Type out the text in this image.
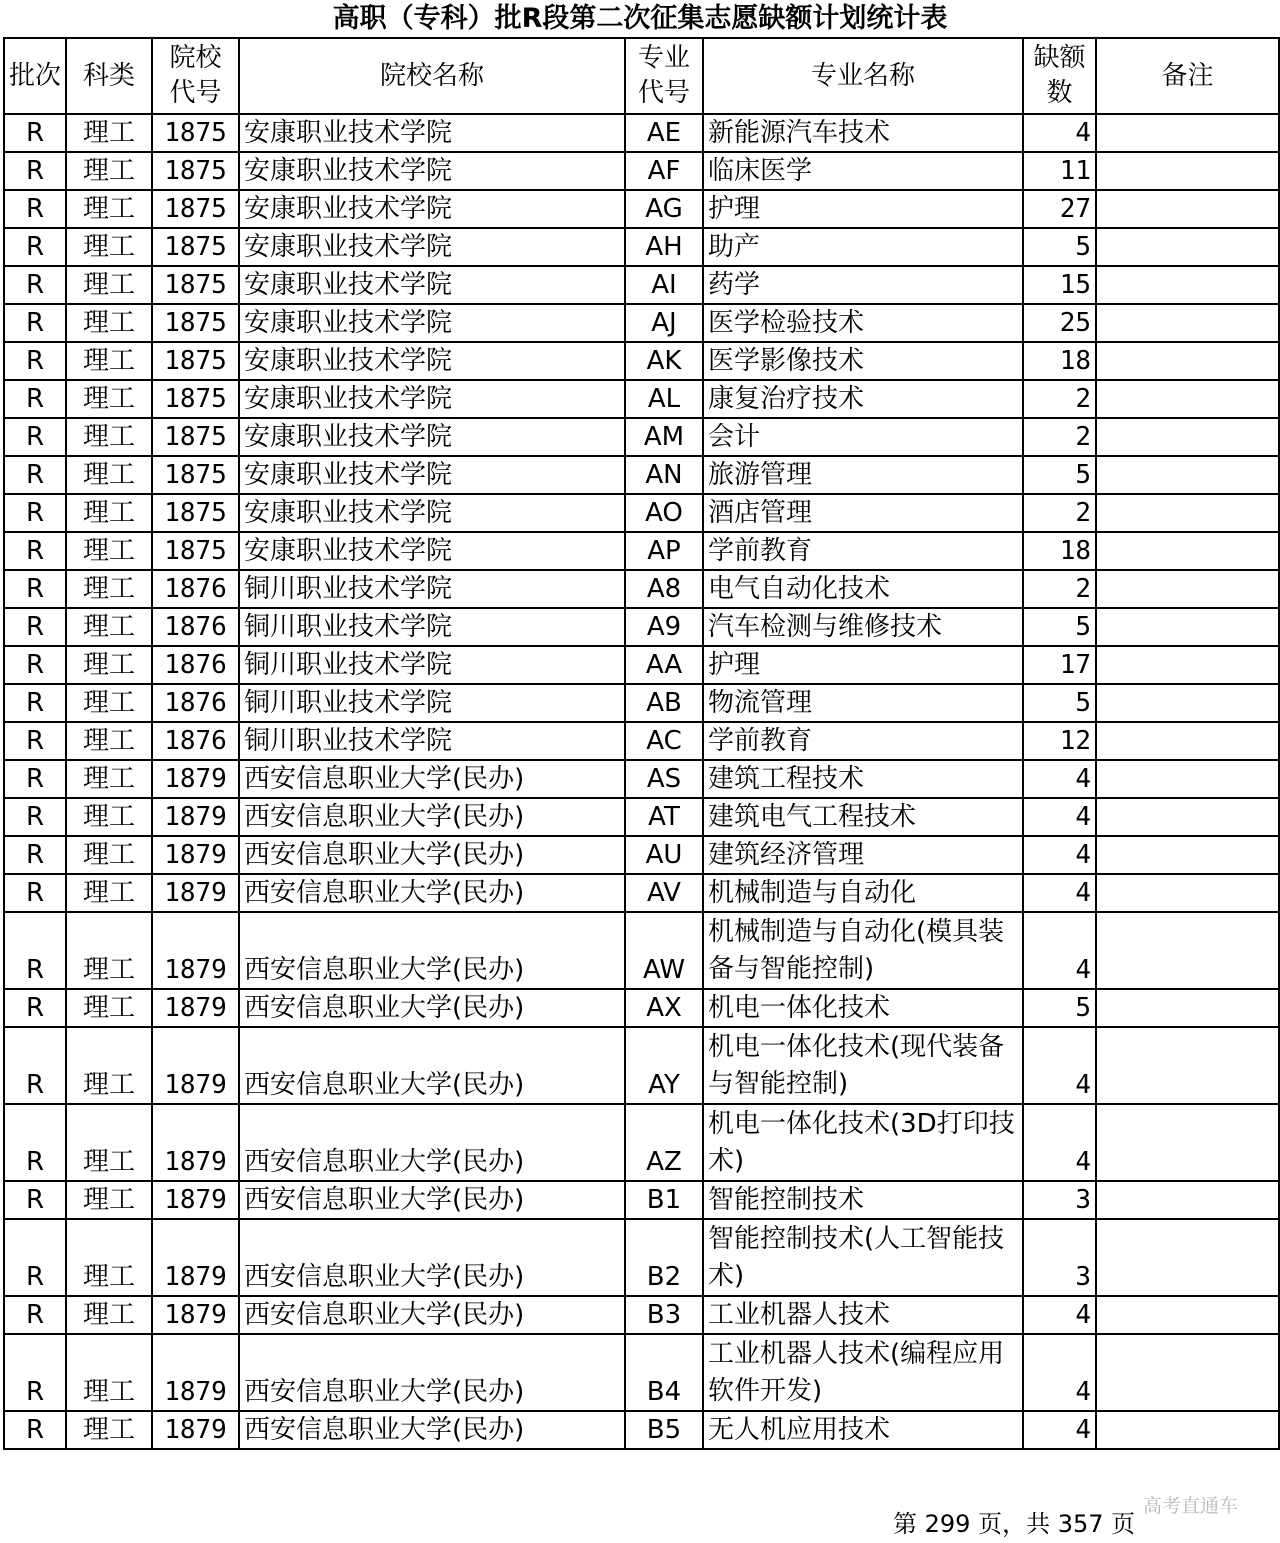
高职（专科）批R段第二次征集志愿缺额计划统计表
批次	科类	院校代号	院校名称	专业代号	专业名称	缺额数	备注
R	理工	1875	安康职业技术学院	AE	新能源汽车技术	4	
R	理工	1875	安康职业技术学院	AF	临床医学	11	
R	理工	1875	安康职业技术学院	AG	护理	27	
R	理工	1875	安康职业技术学院	AH	助产	5	
R	理工	1875	安康职业技术学院	AI	药学	15	
R	理工	1875	安康职业技术学院	AJ	医学检验技术	25	
R	理工	1875	安康职业技术学院	AK	医学影像技术	18	
R	理工	1875	安康职业技术学院	AL	康复治疗技术	2	
R	理工	1875	安康职业技术学院	AM	会计	2	
R	理工	1875	安康职业技术学院	AN	旅游管理	5	
R	理工	1875	安康职业技术学院	AO	酒店管理	2	
R	理工	1875	安康职业技术学院	AP	学前教育	18	
R	理工	1876	铜川职业技术学院	A8	电气自动化技术	2	
R	理工	1876	铜川职业技术学院	A9	汽车检测与维修技术	5	
R	理工	1876	铜川职业技术学院	AA	护理	17	
R	理工	1876	铜川职业技术学院	AB	物流管理	5	
R	理工	1876	铜川职业技术学院	AC	学前教育	12	
R	理工	1879	西安信息职业大学(民办)	AS	建筑工程技术	4	
R	理工	1879	西安信息职业大学(民办)	AT	建筑电气工程技术	4	
R	理工	1879	西安信息职业大学(民办)	AU	建筑经济管理	4	
R	理工	1879	西安信息职业大学(民办)	AV	机械制造与自动化	4	
R	理工	1879	西安信息职业大学(民办)	AW	机械制造与自动化(模具装备与智能控制)	4	
R	理工	1879	西安信息职业大学(民办)	AX	机电一体化技术	5	
R	理工	1879	西安信息职业大学(民办)	AY	机电一体化技术(现代装备与智能控制)	4	
R	理工	1879	西安信息职业大学(民办)	AZ	机电一体化技术(3D打印技术)	4	
R	理工	1879	西安信息职业大学(民办)	B1	智能控制技术	3	
R	理工	1879	西安信息职业大学(民办)	B2	智能控制技术(人工智能技术)	3	
R	理工	1879	西安信息职业大学(民办)	B3	工业机器人技术	4	
R	理工	1879	西安信息职业大学(民办)	B4	工业机器人技术(编程应用软件开发)	4	
R	理工	1879	西安信息职业大学(民办)	B5	无人机应用技术	4	
高考直通车
第 299 页，共 357 页
